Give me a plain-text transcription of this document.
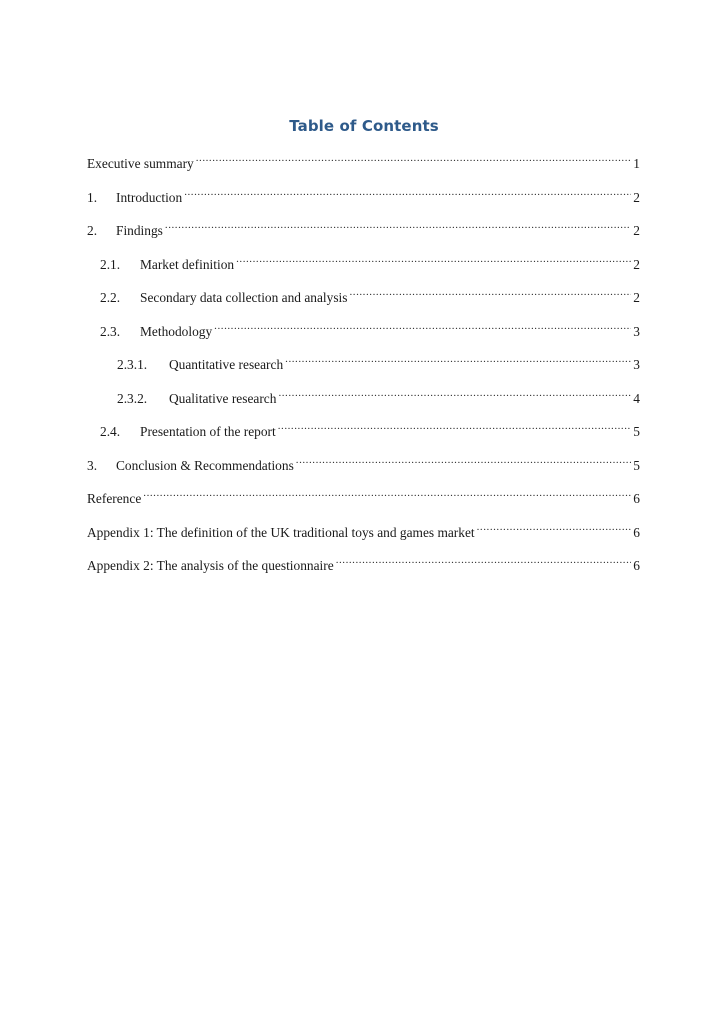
Table of Contents
Executive summary .....	1
1.	Introduction .....	2
2.	Findings .....	2
2.1.	Market definition .....	2
2.2.	Secondary data collection and analysis .....	2
2.3.	Methodology .....	3
2.3.1.	Quantitative research .....	3
2.3.2.	Qualitative research .....	4
2.4.	Presentation of the report .....	5
3.	Conclusion & Recommendations .....	5
Reference .....	6
Appendix 1: The definition of the UK traditional toys and games market .....	6
Appendix 2: The analysis of the questionnaire .....	6
